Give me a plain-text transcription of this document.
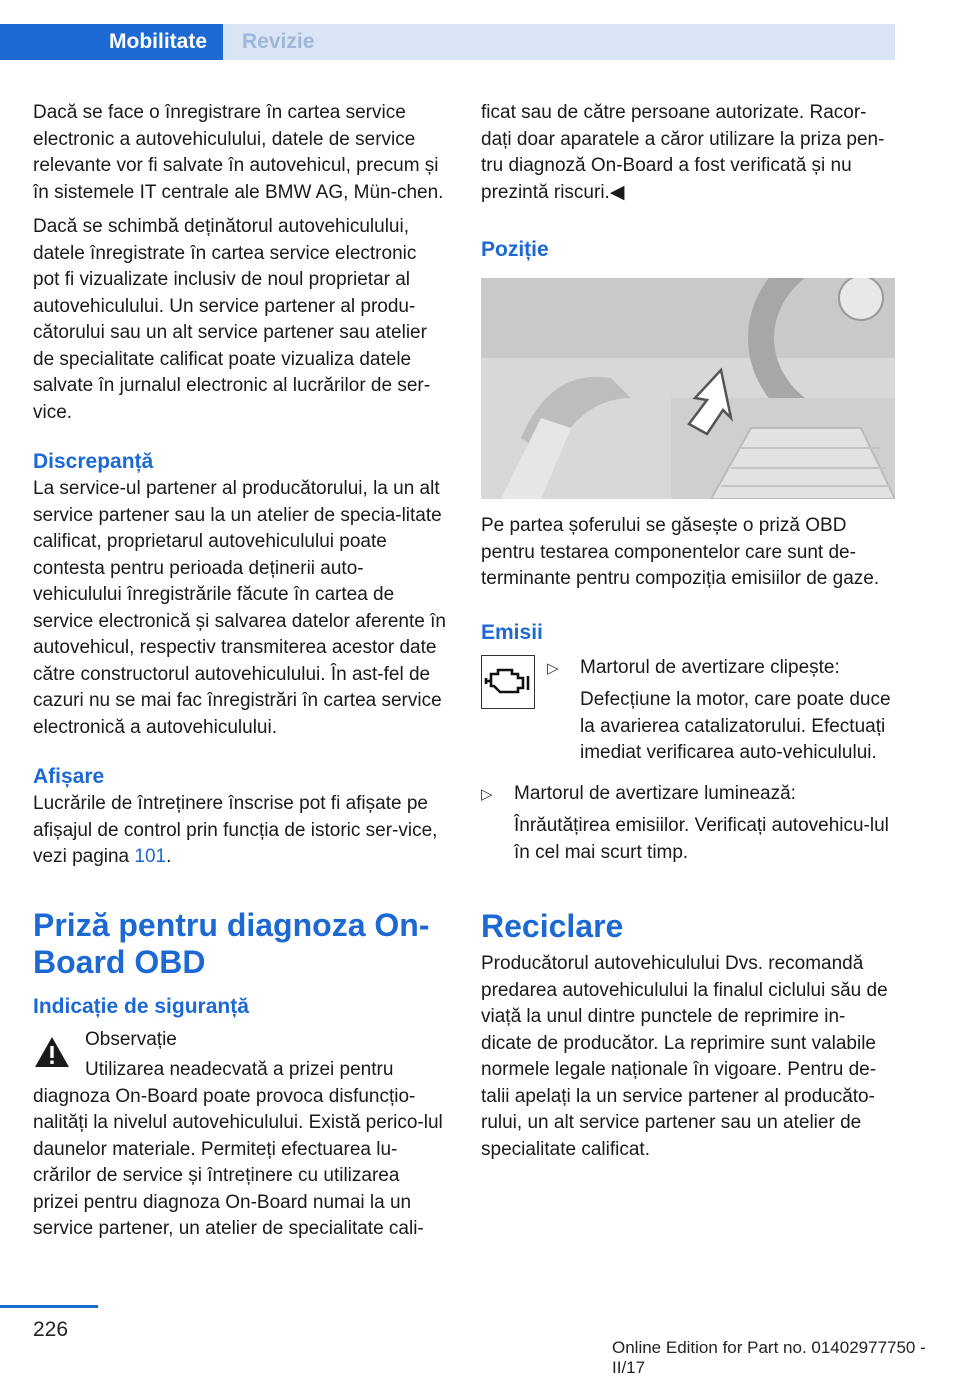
Mobilitate	Revizie

Dacă se face o înregistrare în cartea service electronic a autovehiculului, datele de service relevante vor fi salvate în autovehicul, precum și în sistemele IT centrale ale BMW AG, Mün‐chen.

Dacă se schimbă deținătorul autovehiculului, datele înregistrate în cartea service electronic pot fi vizualizate inclusiv de noul proprietar al autovehiculului. Un service partener al produ‐cătorului sau un alt service partener sau atelier de specialitate calificat poate vizualiza datele salvate în jurnalul electronic al lucrărilor de ser‐vice.

Discrepanță

La service-ul partener al producătorului, la un alt service partener sau la un atelier de specia‐litate calificat, proprietarul autovehiculului poate contesta pentru perioada deținerii auto‐vehiculului înregistrările făcute în cartea de service electronică și salvarea datelor aferente în autovehicul, respectiv transmiterea acestor date către constructorul autovehiculului. În ast‐fel de cazuri nu se mai fac înregistrări în cartea service electronică a autovehiculului.

Afișare

Lucrările de întreținere înscrise pot fi afișate pe afișajul de control prin funcția de istoric ser‐vice, vezi pagina 101.

Priză pentru diagnoza On-Board OBD
Indicație de siguranță

Observație

Utilizarea neadecvată a prizei pentru diagnoza On-Board poate provoca disfuncțio‐nalități la nivelul autovehiculului. Există perico‐lul daunelor materiale. Permiteți efectuarea lu‐crărilor de service și întreținere cu utilizarea prizei pentru diagnoza On-Board numai la un service partener, un atelier de specialitate cali‐

ficat sau de către persoane autorizate. Racor‐dați doar aparatele a căror utilizare la priza pen‐tru diagnoză On-Board a fost verificată și nu prezintă riscuri.◀

Poziție

Pe partea șoferului se găsește o priză OBD pentru testarea componentelor care sunt de‐terminante pentru compoziția emisiilor de gaze.

Emisii
▷ Martorul de avertizare clipește:
Defecțiune la motor, care poate duce la avarierea catalizatorului. Efectuați imediat verificarea auto‐vehiculului.
▷ Martorul de avertizare luminează:
Înrăutățirea emisiilor. Verificați autovehicu‐lul în cel mai scurt timp.
Reciclare

Producătorul autovehiculului Dvs. recomandă predarea autovehiculului la finalul ciclului său de viață la unul dintre punctele de reprimire in‐dicate de producător. La reprimire sunt valabile normele legale naționale în vigoare. Pentru de‐talii apelați la un service partener al producăto‐rului, un alt service partener sau un atelier de specialitate calificat.

226
Online Edition for Part no. 01402977750 - II/17
